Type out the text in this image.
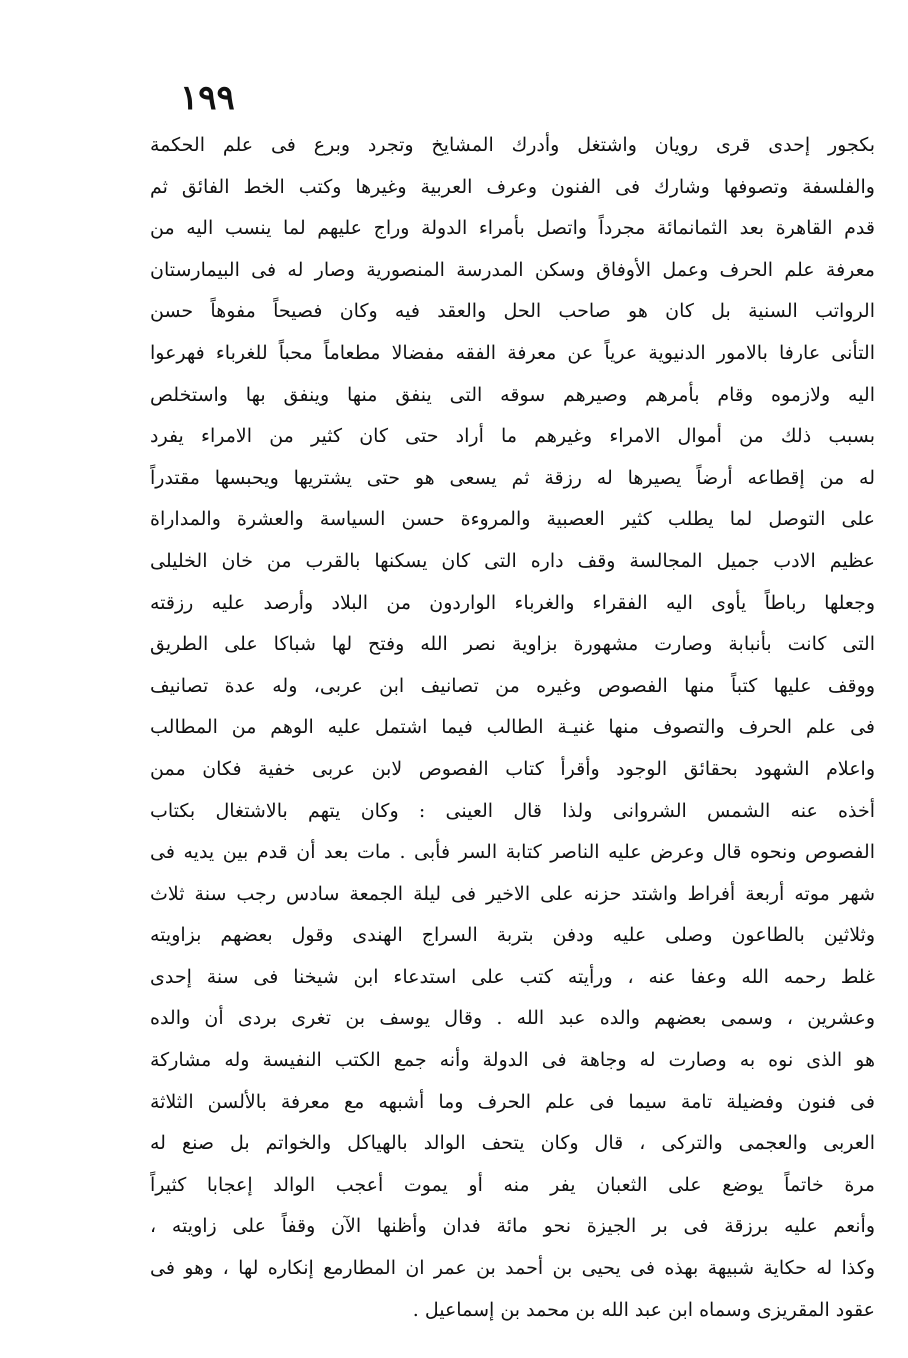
١٩٩
بكجور إحدى قرى رويان واشتغل وأدرك المشايخ وتجرد وبرع فى علم الحكمة
والفلسفة وتصوفها وشارك فى الفنون وعرف العربية وغيرها وكتب الخط الفائق ثم
قدم القاهرة بعد الثمانمائة مجرداً واتصل بأمراء الدولة وراج عليهم لما ينسب اليه من
معرفة علم الحرف وعمل الأوفاق وسكن المدرسة المنصورية وصار له فى البيمارستان
الرواتب السنية بل كان هو صاحب الحل والعقد فيه وكان فصيحاً مفوهاً حسن
التأنى عارفا بالامور الدنيوية عرياً عن معرفة الفقه مفضالا مطعاماً محباً للغرباء فهرعوا
اليه ولازموه وقام بأمرهم وصيرهم سوقه التى ينفق منها وينفق بها واستخلص
بسبب ذلك من أموال الامراء وغيرهم ما أراد حتى كان كثير من الامراء يفرد
له من إقطاعه أرضاً يصيرها له رزقة ثم يسعى هو حتى يشتريها ويحبسها مقتدراً
على التوصل لما يطلب كثير العصبية والمروءة حسن السياسة والعشرة والمداراة
عظيم الادب جميل المجالسة وقف داره التى كان يسكنها بالقرب من خان الخليلى
وجعلها رباطاً يأوى اليه الفقراء والغرباء الواردون من البلاد وأرصد عليه رزقته
التى كانت بأنبابة وصارت مشهورة بزاوية نصر الله وفتح لها شباكا على الطريق
ووقف عليها كتباً منها الفصوص وغيره من تصانيف ابن عربى، وله عدة تصانيف
فى علم الحرف والتصوف منها غنيـة الطالب فيما اشتمل عليه الوهم من المطالب
واعلام الشهود بحقائق الوجود وأقرأ كتاب الفصوص لابن عربى خفية فكان ممن
أخذه عنه الشمس الشروانى ولذا قال العينى : وكان يتهم بالاشتغال بكتاب
الفصوص ونحوه قال وعرض عليه الناصر كتابة السر فأبى . مات بعد أن قدم بين يديه فى
شهر موته أربعة أفراط واشتد حزنه على الاخير فى ليلة الجمعة سادس رجب سنة ثلاث
وثلاثين بالطاعون وصلى عليه ودفن بتربة السراج الهندى وقول بعضهم بزاويته
غلط رحمه الله وعفا عنه ، ورأيته كتب على استدعاء ابن شيخنا فى سنة إحدى
وعشرين ، وسمى بعضهم والده عبد الله . وقال يوسف بن تغرى بردى أن والده
هو الذى نوه به وصارت له وجاهة فى الدولة وأنه جمع الكتب النفيسة وله مشاركة
فى فنون وفضيلة تامة سيما فى علم الحرف وما أشبهه مع معرفة بالألسن الثلاثة
العربى والعجمى والتركى ، قال وكان يتحف الوالد بالهياكل والخواتم بل صنع له
مرة خاتماً يوضع على الثعبان يفر منه أو يموت أعجب الوالد إعجابا كثيراً
وأنعم عليه برزقة فى بر الجيزة نحو مائة فدان وأظنها الآن وقفاً على زاويته ،
وكذا له حكاية شبيهة بهذه فى يحيى بن أحمد بن عمر ان المطارمع إنكاره لها ، وهو فى
عقود المقريزى وسماه ابن عبد الله بن محمد بن إسماعيل .
